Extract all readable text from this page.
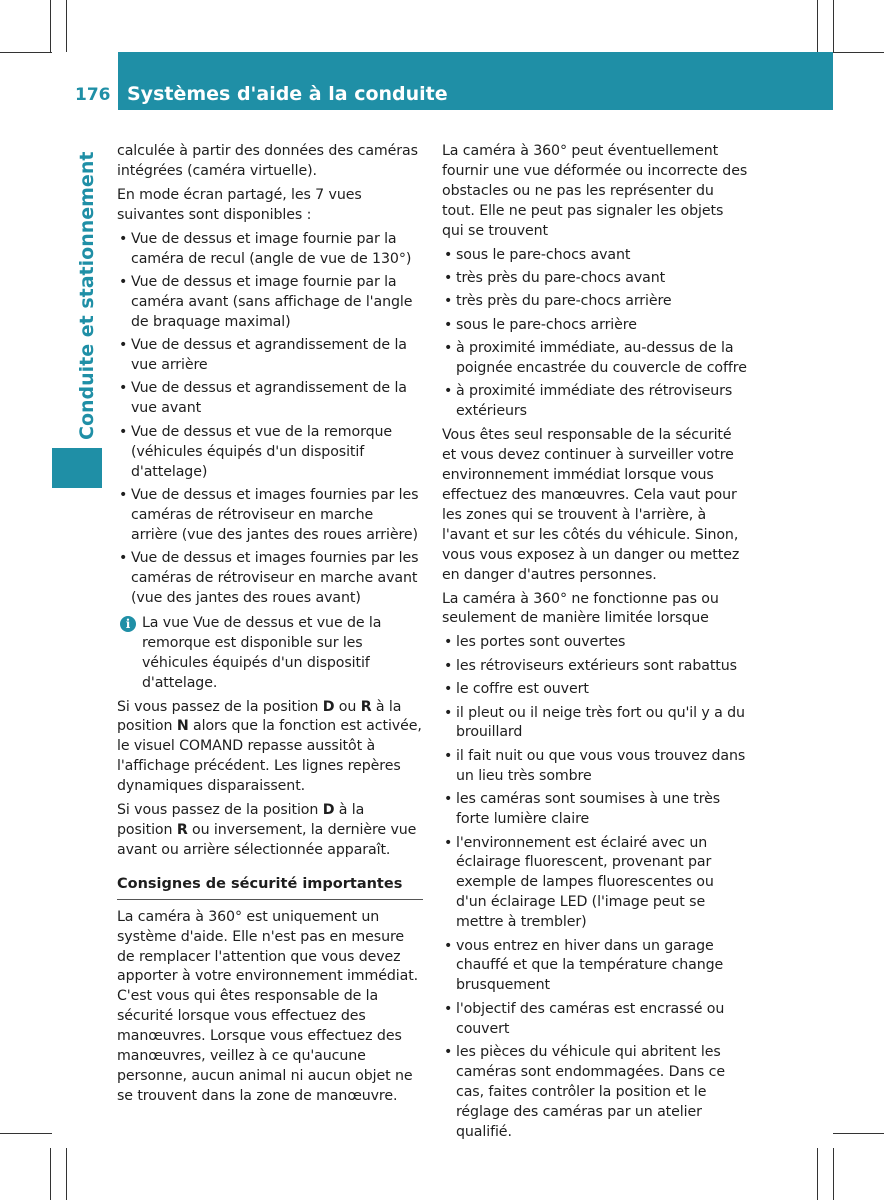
176 Systèmes d'aide à la conduite
Conduite et stationnement

calculée à partir des données des caméras intégrées (caméra virtuelle).

En mode écran partagé, les 7 vues suivantes sont disponibles :

• Vue de dessus et image fournie par la caméra de recul (angle de vue de 130°)
• Vue de dessus et image fournie par la caméra avant (sans affichage de l'angle de braquage maximal)
• Vue de dessus et agrandissement de la vue arrière
• Vue de dessus et agrandissement de la vue avant
• Vue de dessus et vue de la remorque (véhicules équipés d'un dispositif d'attelage)
• Vue de dessus et images fournies par les caméras de rétroviseur en marche arrière (vue des jantes des roues arrière)
• Vue de dessus et images fournies par les caméras de rétroviseur en marche avant (vue des jantes des roues avant)
i La vue Vue de dessus et vue de la remorque est disponible sur les véhicules équipés d'un dispositif d'attelage.

Si vous passez de la position D ou R à la position N alors que la fonction est activée, le visuel COMAND repasse aussitôt à l'affichage précédent. Les lignes repères dynamiques disparaissent.

Si vous passez de la position D à la position R ou inversement, la dernière vue avant ou arrière sélectionnée apparaît.

Consignes de sécurité importantes

La caméra à 360° est uniquement un système d'aide. Elle n'est pas en mesure de remplacer l'attention que vous devez apporter à votre environnement immédiat. C'est vous qui êtes responsable de la sécurité lorsque vous effectuez des manœuvres. Lorsque vous effectuez des manœuvres, veillez à ce qu'aucune personne, aucun animal ni aucun objet ne se trouvent dans la zone de manœuvre.

La caméra à 360° peut éventuellement fournir une vue déformée ou incorrecte des obstacles ou ne pas les représenter du tout. Elle ne peut pas signaler les objets qui se trouvent

• sous le pare-chocs avant
• très près du pare-chocs avant
• très près du pare-chocs arrière
• sous le pare-chocs arrière
• à proximité immédiate, au-dessus de la poignée encastrée du couvercle de coffre
• à proximité immédiate des rétroviseurs extérieurs

Vous êtes seul responsable de la sécurité et vous devez continuer à surveiller votre environnement immédiat lorsque vous effectuez des manœuvres. Cela vaut pour les zones qui se trouvent à l'arrière, à l'avant et sur les côtés du véhicule. Sinon, vous vous exposez à un danger ou mettez en danger d'autres personnes.

La caméra à 360° ne fonctionne pas ou seulement de manière limitée lorsque

• les portes sont ouvertes
• les rétroviseurs extérieurs sont rabattus
• le coffre est ouvert
• il pleut ou il neige très fort ou qu'il y a du brouillard
• il fait nuit ou que vous vous trouvez dans un lieu très sombre
• les caméras sont soumises à une très forte lumière claire
• l'environnement est éclairé avec un éclairage fluorescent, provenant par exemple de lampes fluorescentes ou d'un éclairage LED (l'image peut se mettre à trembler)
• vous entrez en hiver dans un garage chauffé et que la température change brusquement
• l'objectif des caméras est encrassé ou couvert
• les pièces du véhicule qui abritent les caméras sont endommagées. Dans ce cas, faites contrôler la position et le réglage des caméras par un atelier qualifié.
